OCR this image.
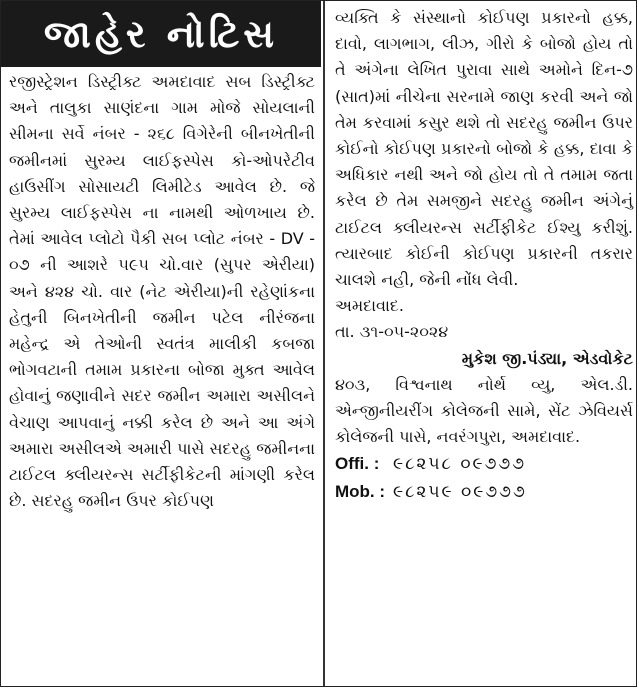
જાહેર નોટિસ

રજીસ્ટ્રેશન ડિસ્ટ્રીક્ટ અમદાવાદ સબ ડિસ્ટ્રીક્ટ અને તાલુકા સાણંદના ગામ મોજે સોયલાની સીમના સર્વે નંબર - ૨૬૮ વિગેરેની બીનખેતીની જમીનમાં સુરમ્ય લાઈફસ્પેસ કો-ઓપરેટીવ હાઉસીંગ સોસાયટી લિમીટેડ આવેલ છે. જે સુરમ્ય લાઈફસ્પેસ ના નામથી ઓળખાય છે. તેમાં આવેલ પ્લોટો પૈકી સબ પ્લોટ નંબર - DV - ૦૭ ની આશરે ૫૯૫ ચો.વાર (સુપર એરીયા) અને ૪૨૪ ચો. વાર (નેટ એરીયા)ની રહેણાંકના હેતુની બિનખેતીની જમીન પટેલ નીરંજના મહેન્દ્ર એ તેઓની સ્વતંત્ર માલીકી કબજા ભોગવટાની તમામ પ્રકારના બોજા મુક્ત આવેલ હોવાનું જણાવીને સદર જમીન અમારા અસીલને વેચાણ આપવાનું નક્કી કરેલ છે અને આ અંગે અમારા અસીલએ અમારી પાસે સદરહુ જમીનના ટાઈટલ ક્લીયરન્સ સર્ટીફીકેટની માંગણી કરેલ છે. સદરહુ જમીન ઉપર કોઈપણ

વ્યક્તિ કે સંસ્થાનો કોઈપણ પ્રકારનો હક્ક, દાવો, લાગભાગ, લીઝ, ગીરો કે બોજો હોય તો તે અંગેના લેખિત પુરાવા સાથે અમોને દિન-૭ (સાત)માં નીચેના સરનામે જાણ કરવી અને જો તેમ કરવામાં કસુર થશે તો સદરહુ જમીન ઉપર કોઈનો કોઈપણ પ્રકારનો બોજો કે હક્ક, દાવા કે અધિકાર નથી અને જો હોય તો તે તમામ જતા કરેલ છે તેમ સમજીને સદરહુ જમીન અંગેનું ટાઈટલ ક્લીયરન્સ સર્ટીફીકેટ ઈશ્યુ કરીશું. ત્યારબાદ કોઈની કોઈપણ પ્રકારની તકરાર ચાલશે નહી, જેની નોંધ લેવી.

અમદાવાદ.

તા. ૩૧-૦૫-૨૦૨૪

મુકેશ જી.પંડ્યા, એડવોકેટ

૪૦૩, વિશ્વનાથ નોર્થ વ્યુ, એલ.ડી. એન્જીનીયરીંગ કોલેજની સામે, સેંટ ઝેવિયર્સ કોલેજની પાસે, નવરંગપુરા, અમદાવાદ.

Offi. : ૯૮૨૫૮ ૦૯૭૭૭
Mob. : ૯૮૨૫૯ ૦૯૭૭૭
